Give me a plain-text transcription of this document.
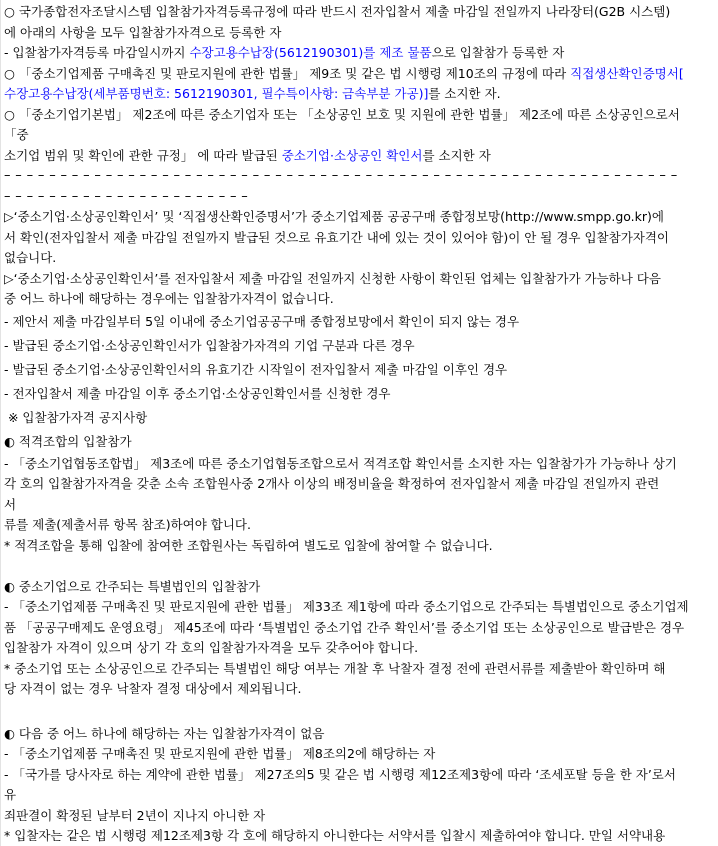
○ 국가종합전자조달시스템 입찰참가자격등록규정에 따라 반드시 전자입찰서 제출 마감일 전일까지 나라장터(G2B 시스템)
에 아래의 사항을 모두 입찰참가자격으로 등록한 자
- 입찰참가자격등록 마감일시까지 수장고용수납장(5612190301)를 제조 물품으로 입찰참가 등록한 자
○ 「중소기업제품 구매촉진 및 판로지원에 관한 법률」 제9조 및 같은 법 시행령 제10조의 규정에 따라 직접생산확인증명서[
수장고용수납장(세부품명번호: 5612190301, 필수특이사항: 금속부분 가공)]를 소지한 자.
○ 「중소기업기본법」 제2조에 따른 중소기업자 또는 「소상공인 보호 및 지원에 관한 법률」 제2조에 따른 소상공인으로서
「중
소기업 범위 및 확인에 관한 규정」 에 따라 발급된 중소기업·소상공인 확인서를 소지한 자
––––––––––––––––––––––––––––––––––––––––––––––––––––––––––––
––––––––––––––––––––––
▷‘중소기업·소상공인확인서’ 및 ‘직접생산확인증명서’가 중소기업제품 공공구매 종합정보망(http://www.smpp.go.kr)에
서 확인(전자입찰서 제출 마감일 전일까지 발급된 것으로 유효기간 내에 있는 것이 있어야 함)이 안 될 경우 입찰참가자격이
없습니다.
▷‘중소기업·소상공인확인서’를 전자입찰서 제출 마감일 전일까지 신청한 사항이 확인된 업체는 입찰참가가 가능하나 다음
중 어느 하나에 해당하는 경우에는 입찰참가자격이 없습니다.
- 제안서 제출 마감일부터 5일 이내에 중소기업공공구매 종합정보망에서 확인이 되지 않는 경우
- 발급된 중소기업·소상공인확인서가 입찰참가자격의 기업 구분과 다른 경우
- 발급된 중소기업·소상공인확인서의 유효기간 시작일이 전자입찰서 제출 마감일 이후인 경우
- 전자입찰서 제출 마감일 이후 중소기업·소상공인확인서를 신청한 경우
※ 입찰참가자격 공지사항
◐ 적격조합의 입찰참가
- 「중소기업협동조합법」 제3조에 따른 중소기업협동조합으로서 적격조합 확인서를 소지한 자는 입찰참가가 가능하나 상기
각 호의 입찰참가자격을 갖춘 소속 조합원사중 2개사 이상의 배정비율을 확정하여 전자입찰서 제출 마감일 전일까지 관련
서
류를 제출(제출서류 항목 참조)하여야 합니다.
* 적격조합을 통해 입찰에 참여한 조합원사는 독립하여 별도로 입찰에 참여할 수 없습니다.
◐ 중소기업으로 간주되는 특별법인의 입찰참가
- 「중소기업제품 구매촉진 및 판로지원에 관한 법률」 제33조 제1항에 따라 중소기업으로 간주되는 특별법인으로 중소기업제
품 「공공구매제도 운영요령」 제45조에 따라 ‘특별법인 중소기업 간주 확인서’를 중소기업 또는 소상공인으로 발급받은 경우
입찰참가 자격이 있으며 상기 각 호의 입찰참가자격을 모두 갖추어야 합니다.
* 중소기업 또는 소상공인으로 간주되는 특별법인 해당 여부는 개찰 후 낙찰자 결정 전에 관련서류를 제출받아 확인하며 해
당 자격이 없는 경우 낙찰자 결정 대상에서 제외됩니다.
◐ 다음 중 어느 하나에 해당하는 자는 입찰참가자격이 없음
- 「중소기업제품 구매촉진 및 판로지원에 관한 법률」 제8조의2에 해당하는 자
- 「국가를 당사자로 하는 계약에 관한 법률」 제27조의5 및 같은 법 시행령 제12조제3항에 따라 ‘조세포탈 등을 한 자’로서
유
죄판결이 확정된 날부터 2년이 지나지 아니한 자
* 입찰자는 같은 법 시행령 제12조제3항 각 호에 해당하지 아니한다는 서약서를 입찰시 제출하여야 합니다. 만일 서약내용
